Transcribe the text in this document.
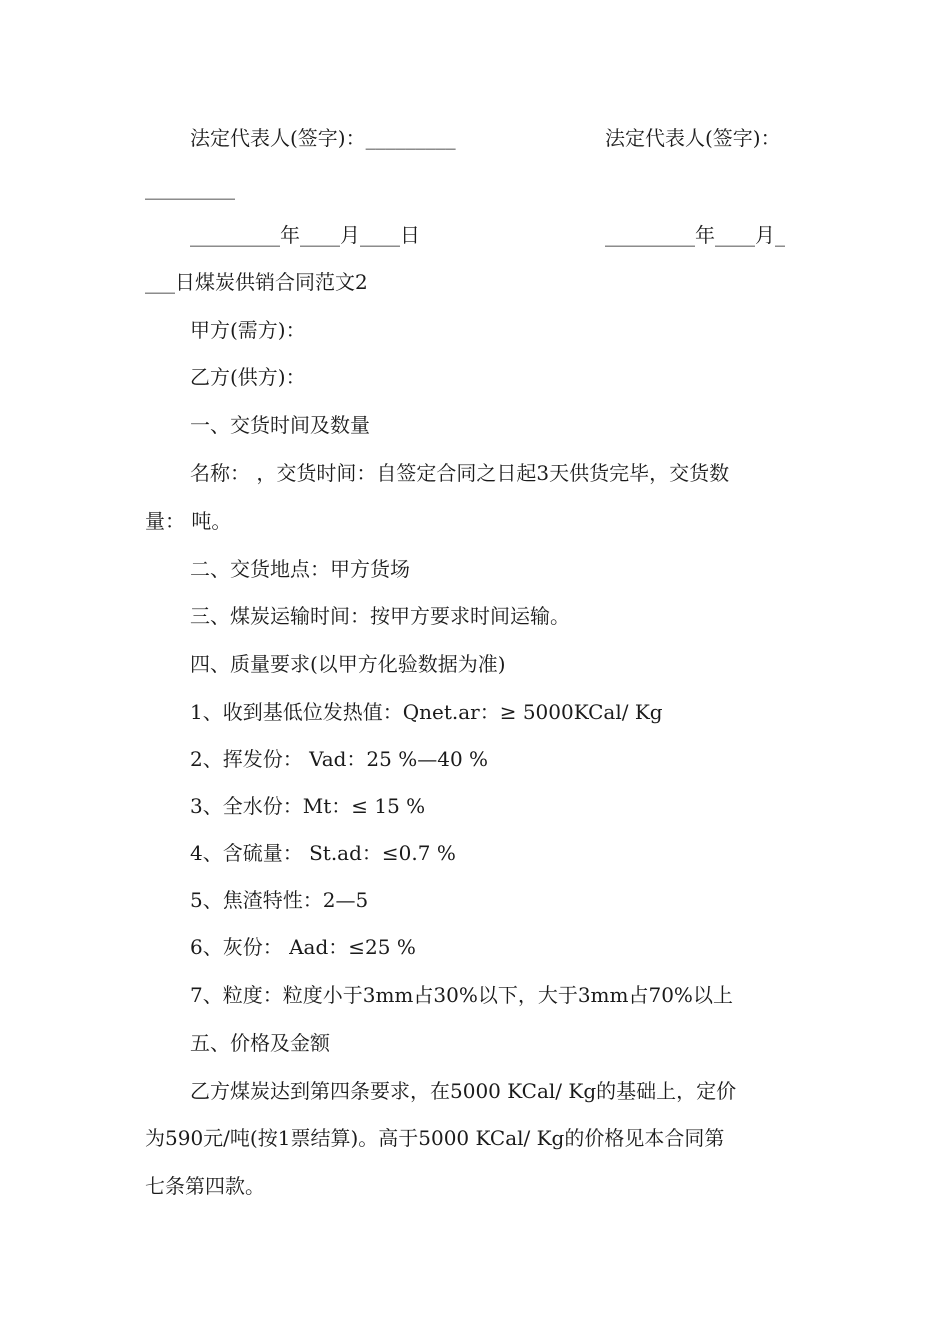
法定代表人(签字)：_________	法定代表人(签字)：
_________
_________年____月____日	_________年____月_
___日煤炭供销合同范文2
甲方(需方)：
乙方(供方)：
一、交货时间及数量
名称： ，交货时间：自签定合同之日起3天供货完毕，交货数
量： 吨。
二、交货地点：甲方货场
三、煤炭运输时间：按甲方要求时间运输。
四、质量要求(以甲方化验数据为准)
1、收到基低位发热值：Qnet.ar：≥ 5000KCal/ Kg
2、挥发份： Vad：25 %—40 %
3、全水份：Mt：≤ 15 %
4、含硫量： St.ad：≤0.7 %
5、焦渣特性：2—5
6、灰份： Aad：≤25 %
7、粒度：粒度小于3mm占30%以下，大于3mm占70%以上
五、价格及金额
乙方煤炭达到第四条要求，在5000 KCal/ Kg的基础上，定价
为590元/吨(按1票结算)。高于5000 KCal/ Kg的价格见本合同第
七条第四款。
